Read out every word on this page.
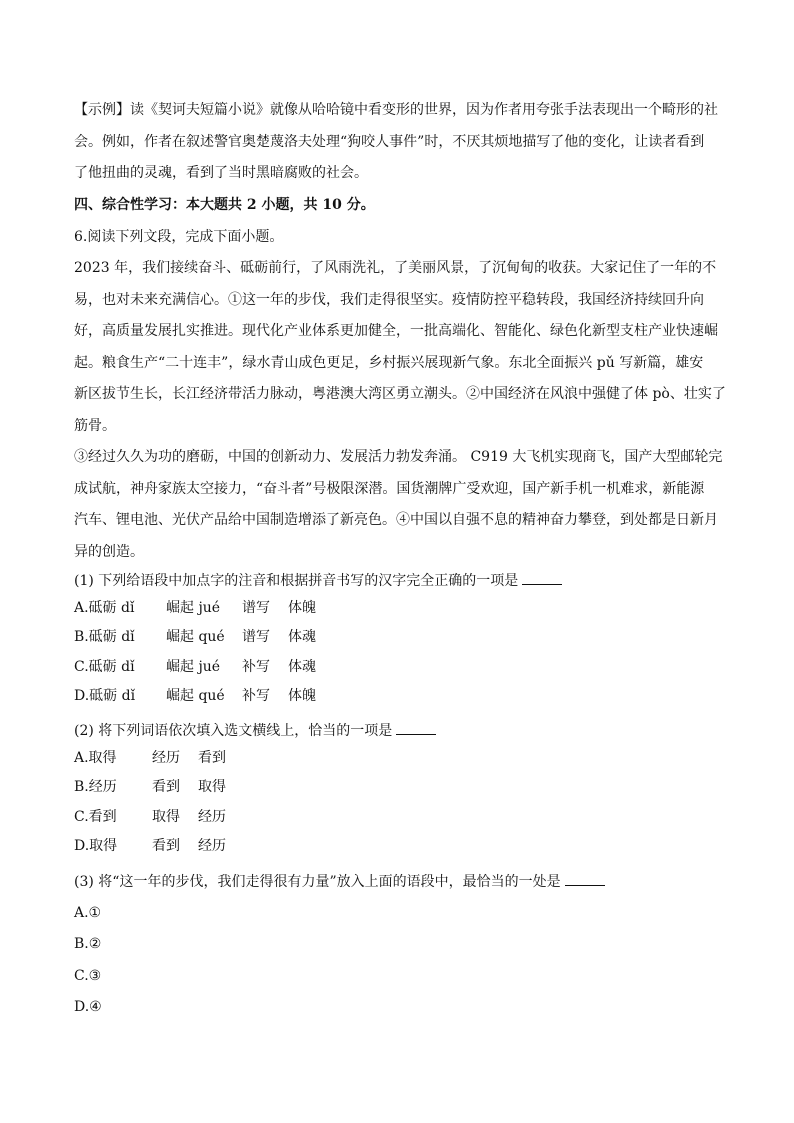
【示例】读《契诃夫短篇小说》就像从哈哈镜中看变形的世界，因为作者用夸张手法表现出一个畸形的社
会。例如，作者在叙述警官奥楚蔑洛夫处理“狗咬人事件”时，不厌其烦地描写了他的变化，让读者看到
了他扭曲的灵魂，看到了当时黑暗腐败的社会。
四、综合性学习：本大题共 2 小题，共 10 分。
6.阅读下列文段，完成下面小题。
2023 年，我们接续奋斗、砥砺前行，了风雨洗礼，了美丽风景，了沉甸甸的收获。大家记住了一年的不
易，也对未来充满信心。①这一年的步伐，我们走得很坚实。疫情防控平稳转段，我国经济持续回升向
好，高质量发展扎实推进。现代化产业体系更加健全，一批高端化、智能化、绿色化新型支柱产业快速崛
起。粮食生产“二十连丰”，绿水青山成色更足，乡村振兴展现新气象。东北全面振兴 pǔ 写新篇，雄安
新区拔节生长，长江经济带活力脉动，粤港澳大湾区勇立潮头。②中国经济在风浪中强健了体 pò、壮实了
筋骨。
③经过久久为功的磨砺，中国的创新动力、发展活力勃发奔涌。 C919 大飞机实现商飞，国产大型邮轮完
成试航，神舟家族太空接力，“奋斗者”号极限深潜。国货潮牌广受欢迎，国产新手机一机难求，新能源
汽车、锂电池、光伏产品给中国制造增添了新亮色。④中国以自强不息的精神奋力攀登，到处都是日新月
异的创造。
(1) 下列给语段中加点字的注音和根据拼音书写的汉字完全正确的一项是
A.砥砺 dǐ 崛起 jué 谱写 体魄
B.砥砺 dǐ 崛起 qué 谱写 体魂
C.砥砺 dǐ 崛起 jué 补写 体魂
D.砥砺 dǐ 崛起 qué 补写 体魄
(2) 将下列词语依次填入选文横线上，恰当的一项是
A.取得	经历 看到
B.经历	看到 取得
C.看到	取得 经历
D.取得 看到 经历
(3) 将“这一年的步伐，我们走得很有力量”放入上面的语段中，最恰当的一处是
A.①
B.②
C.③
D.④
